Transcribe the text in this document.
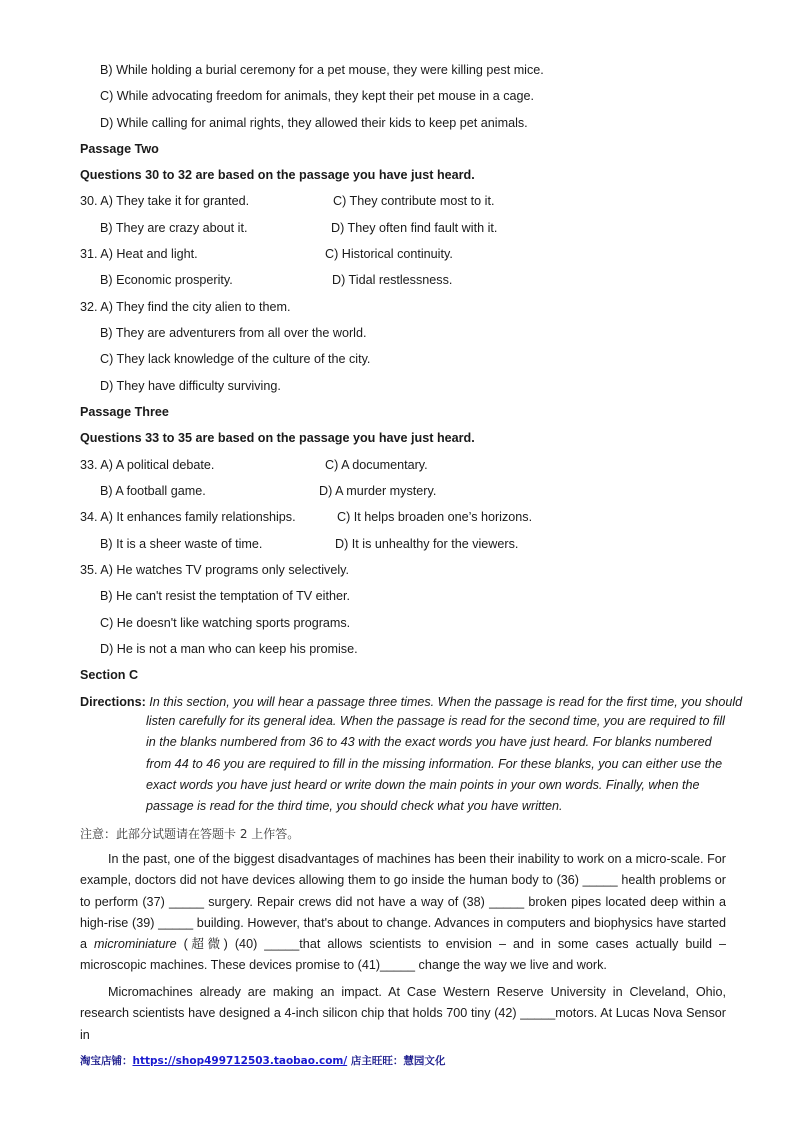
B) While holding a burial ceremony for a pet mouse, they were killing pest mice.
C) While advocating freedom for animals, they kept their pet mouse in a cage.
D) While calling for animal rights, they allowed their kids to keep pet animals.
Passage Two
Questions 30 to 32 are based on the passage you have just heard.
30. A) They take it for granted.	C) They contribute most to it.
B) They are crazy about it.	D) They often find fault with it.
31. A) Heat and light.	C) Historical continuity.
B) Economic prosperity.	D) Tidal restlessness.
32. A) They find the city alien to them.
B) They are adventurers from all over the world.
C) They lack knowledge of the culture of the city.
D) They have difficulty surviving.
Passage Three
Questions 33 to 35 are based on the passage you have just heard.
33. A) A political debate.	C) A documentary.
B) A football game.	D) A murder mystery.
34. A) It enhances family relationships.	C) It helps broaden one’s horizons.
B) It is a sheer waste of time.	D) It is unhealthy for the viewers.
35. A) He watches TV programs only selectively.
B) He can't resist the temptation of TV either.
C) He doesn't like watching sports programs.
D) He is not a man who can keep his promise.
Section C
Directions: In this section, you will hear a passage three times. When the passage is read for the first time, you should
listen carefully for its general idea. When the passage is read for the second time, you are required to fill in the blanks numbered from 36 to 43 with the exact words you have just heard. For blanks numbered from 44 to 46 you are required to fill in the missing information. For these blanks, you can either use the exact words you have just heard or write down the main points in your own words. Finally, when the passage is read for the third time, you should check what you have written.
注意：此部分试题请在答题卡 2 上作答。
In the past, one of the biggest disadvantages of machines has been their inability to work on a micro-scale. For example, doctors did not have devices allowing them to go inside the human body to (36) _____ health problems or to perform (37) _____ surgery. Repair crews did not have a way of (38) _____ broken pipes located deep within a high-rise (39) _____ building. However, that's about to change. Advances in computers and biophysics have started a microminiature (超微) (40) _____that allows scientists to envision – and in some cases actually build – microscopic machines. These devices promise to (41)_____ change the way we live and work.
Micromachines already are making an impact. At Case Western Reserve University in Cleveland, Ohio, research scientists have designed a 4-inch silicon chip that holds 700 tiny (42) _____motors. At Lucas Nova Sensor in
淘宝店铺：https://shop499712503.taobao.com/ 店主旺旺：慧园文化
